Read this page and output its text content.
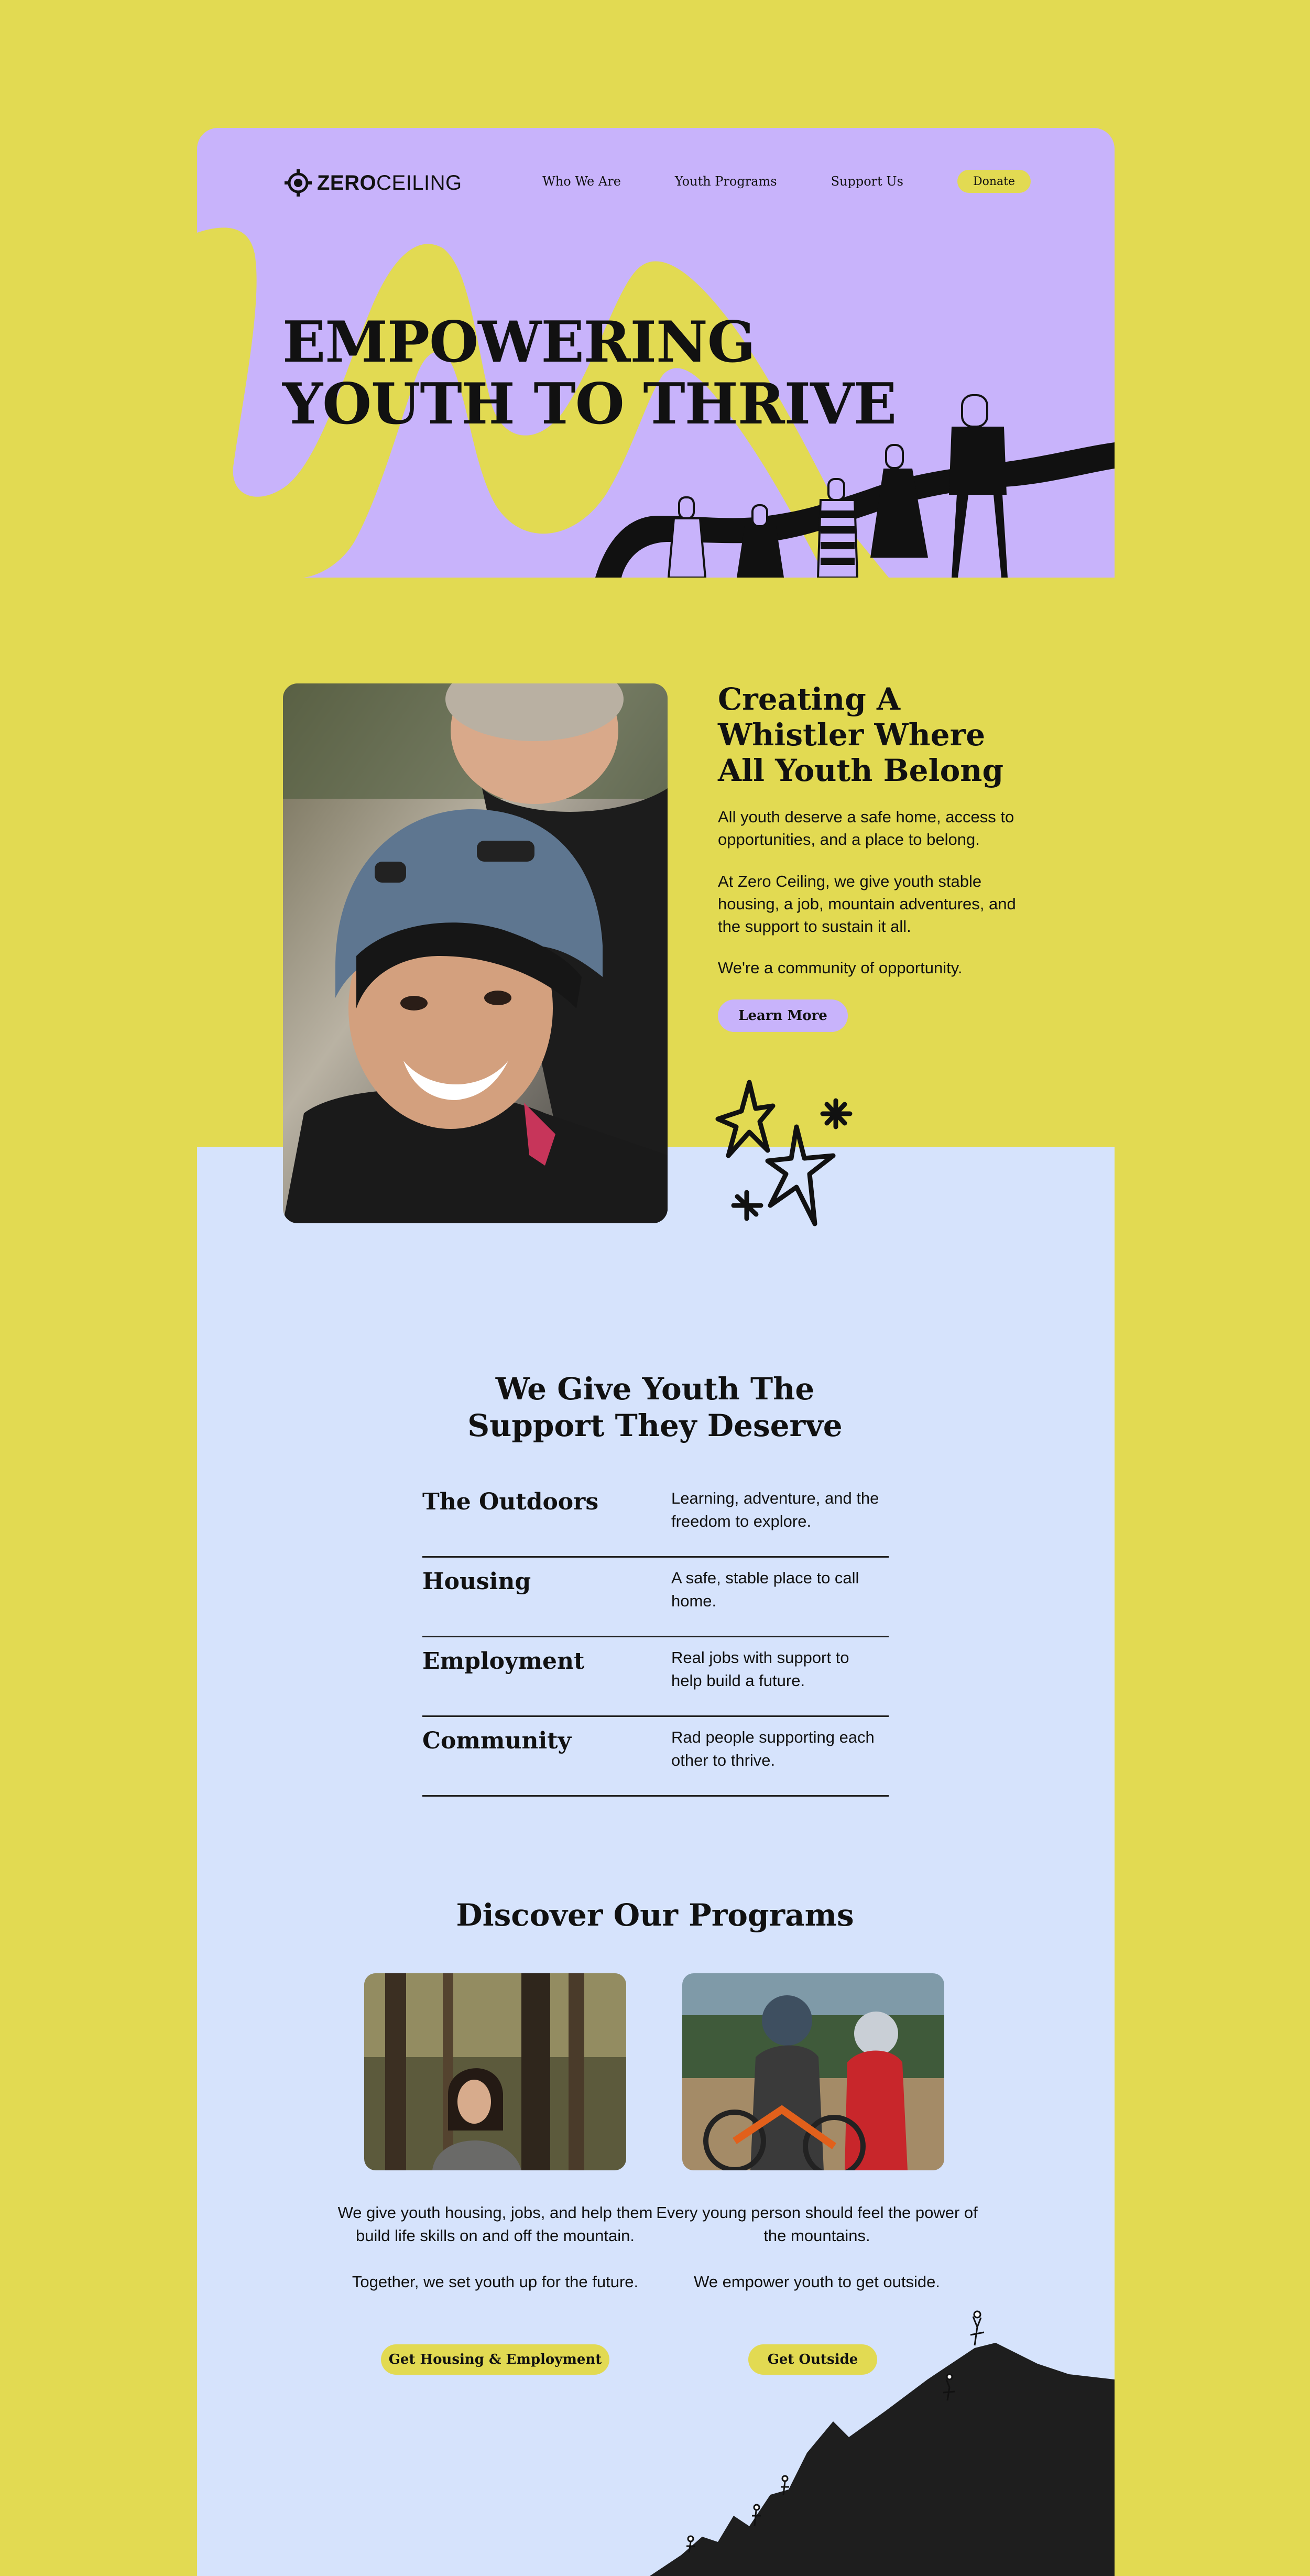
ZEROCEILING	Who We Are	Youth Programs	Support Us	Donate
EMPOWERING
YOUTH TO THRIVE
Creating A
Whistler Where
All Youth Belong

All youth deserve a safe home, access to opportunities, and a place to belong.

At Zero Ceiling, we give youth stable housing, a job, mountain adventures, and the support to sustain it all.

We're a community of opportunity.

Learn More
We Give Youth The
Support They Deserve
The Outdoors	Learning, adventure, and the freedom to explore.
Housing	A safe, stable place to call home.
Employment	Real jobs with support to help build a future.
Community	Rad people supporting each other to thrive.
Discover Our Programs

We give youth housing, jobs, and help them build life skills on and off the mountain.

Together, we set youth up for the future.

Every young person should feel the power of the mountains.

We empower youth to get outside.

Get Housing & Employment	Get Outside
